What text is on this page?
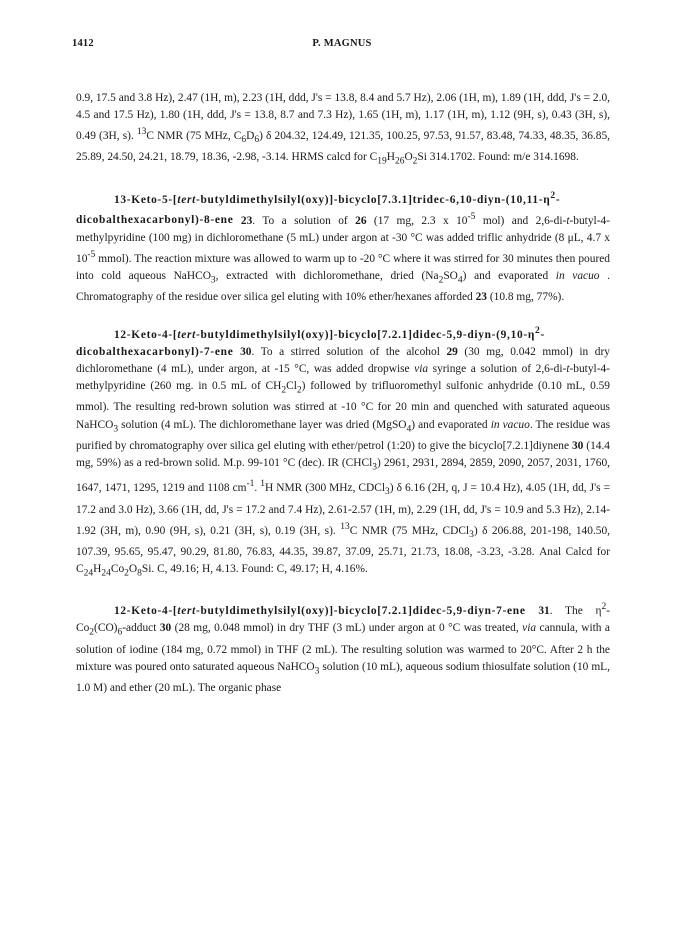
1412	P. MAGNUS

0.9, 17.5 and 3.8 Hz), 2.47 (1H, m), 2.23 (1H, ddd, J's = 13.8, 8.4 and 5.7 Hz), 2.06 (1H, m), 1.89 (1H, ddd, J's = 2.0, 4.5 and 17.5 Hz), 1.80 (1H, ddd, J's = 13.8, 8.7 and 7.3 Hz), 1.65 (1H, m), 1.17 (1H, m), 1.12 (9H, s), 0.43 (3H, s), 0.49 (3H, s). $^{13}$C NMR (75 MHz, $C_6D_6$) δ 204.32, 124.49, 121.35, 100.25, 97.53, 91.57, 83.48, 74.33, 48.35, 36.85, 25.89, 24.50, 24.21, 18.79, 18.36, -2.98, -3.14. HRMS calcd for $C_{19}H_{26}O_2Si$ 314.1702. Found: m/e 314.1698.

$13-Keto-5-[tert-butyldimethylsilyl(oxy)]-bicyclo[7.3.1]tridec-6,10-diyn-(10,11-\eta^2-dicobalthexacarbonyl)-8$-ene 23. To a solution of 26 (17 mg, 2.3 x $10^{-5}$ mol) and 2,6-di-t-butyl-4-methylpyridine (100 mg) in dichloromethane (5 mL) under argon at -30 °C was added triflic anhydride (8 μL, 4.7 x $10^{-5}$ mmol). The reaction mixture was allowed to warm up to -20 °C where it was stirred for 30 minutes then poured into cold aqueous NaHCO$_3$, extracted with dichloromethane, dried $(Na_2SO_4)$ and evaporated in vacuo . Chromatography of the residue over silica gel eluting with 10% ether/hexanes afforded 23 (10.8 mg, 77%).

$12-Keto-4-[tert-butyldimethylsilyl(oxy)]-bicyclo[7.2.1]didec-5,9-diyn-(9,10-\eta^2-dicobalthexacarbonyl)-7$-ene 30. To a stirred solution of the alcohol 29 (30 mg, 0.042 mmol) in dry dichloromethane (4 mL), under argon, at -15 °C, was added dropwise via syringe a solution of 2,6-di-t-butyl-4-methylpyridine (260 mg. in 0.5 mL of $CH_2Cl_2$) followed by trifluoromethyl sulfonic anhydride (0.10 mL, 0.59 mmol). The resulting red-brown solution was stirred at -10 °C for 20 min and quenched with saturated aqueous NaHCO$_3$ solution (4 mL). The dichloromethane layer was dried (MgSO$_4$) and evaporated in vacuo. The residue was purified by chromatography over silica gel eluting with ether/petrol (1:20) to give the bicyclo[7.2.1]diynene 30 (14.4 mg, 59%) as a red-brown solid. M.p. 99-101 °C (dec). IR (CHCl$_3$) 2961, 2931, 2894, 2859, 2090, 2057, 2031, 1760, 1647, 1471, 1295, 1219 and 1108 $cm^{-1}$. $^1$H NMR (300 MHz, CDCl$_3$) δ 6.16 (2H, q, J = 10.4 Hz), 4.05 (1H, dd, J's = 17.2 and 3.0 Hz), 3.66 (1H, dd, J's = 17.2 and 7.4 Hz), 2.61-2.57 (1H, m), 2.29 (1H, dd, J's = 10.9 and 5.3 Hz), 2.14-1.92 (3H, m), 0.90 (9H, s), 0.21 (3H, s), 0.19 (3H, s). $^{13}$C NMR (75 MHz, CDCl$_3$) δ 206.88, 201-198, 140.50, 107.39, 95.65, 95.47, 90.29, 81.80, 76.83, 44.35, 39.87, 37.09, 25.71, 21.73, 18.08, -3.23, -3.28. Anal Calcd for $C_{24}H_{24}Co_2O_8Si$. C, 49.16; H, 4.13. Found: C, 49.17; H, 4.16%.

12-Keto-4-[tert-butyldimethylsilyl(oxy)]-bicyclo[7.2.1]didec-5,9-diyn-7-ene 31. The $\eta^2-Co_2(CO)_6$-adduct 30 (28 mg, 0.048 mmol) in dry THF (3 mL) under argon at 0 °C was treated, via cannula, with a solution of iodine (184 mg, 0.72 mmol) in THF (2 mL). The resulting solution was warmed to 20°C. After 2 h the mixture was poured onto saturated aqueous NaHCO$_3$ solution (10 mL), aqueous sodium thiosulfate solution (10 mL, 1.0 M) and ether (20 mL). The organic phase
